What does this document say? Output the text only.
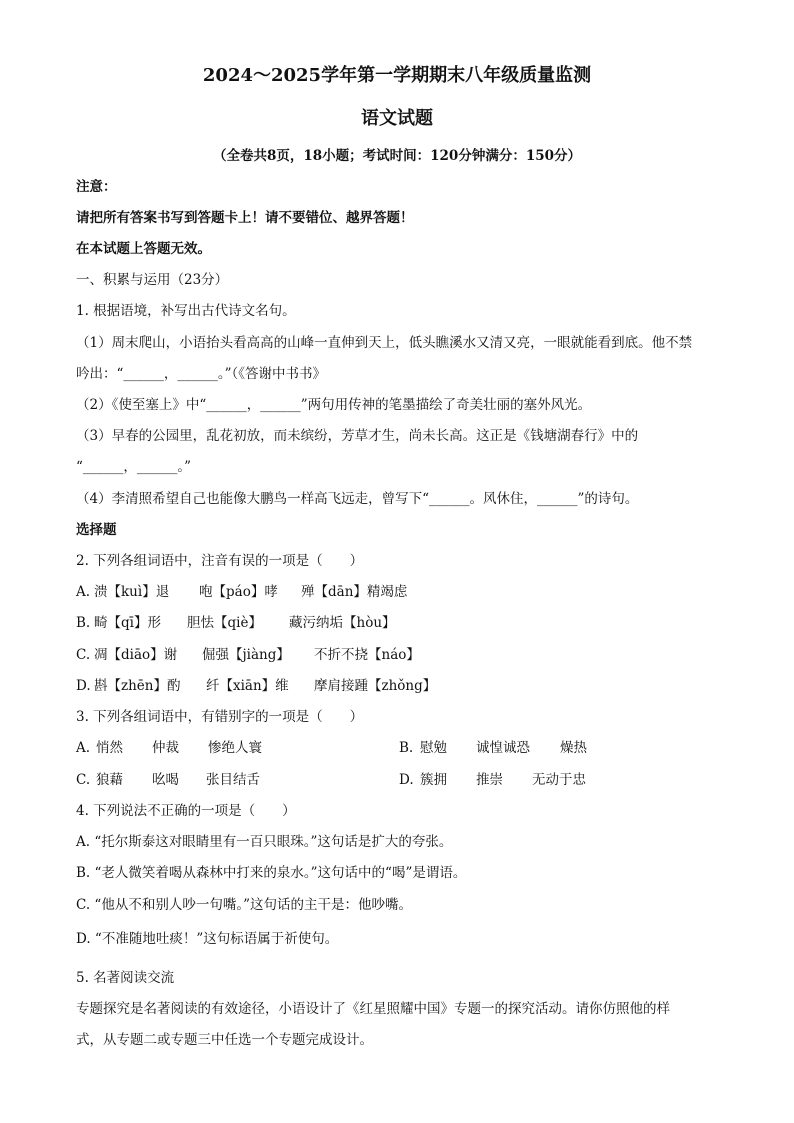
2024～2025学年第一学期期末八年级质量监测
语文试题
（全卷共8页，18小题；考试时间：120分钟满分：150分）
注意：
请把所有答案书写到答题卡上！请不要错位、越界答题！
在本试题上答题无效。
一、积累与运用（23分）
1. 根据语境，补写出古代诗文名句。
（1）周末爬山，小语抬头看高高的山峰一直伸到天上，低头瞧溪水又清又亮，一眼就能看到底。他不禁
吟出：“______，______。”（《答谢中书书》
（2）《使至塞上》中“______，______”两句用传神的笔墨描绘了奇美壮丽的塞外风光。
（3）早春的公园里，乱花初放，而未缤纷，芳草才生，尚未长高。这正是《钱塘湖春行》中的
“______，______。”
（4）李清照希望自己也能像大鹏鸟一样高飞远走，曾写下“______。风休住，______”的诗句。
选择题
2. 下列各组词语中，注音有误的一项是（　　）
A. 溃【kuì】退 咆【páo】哮 殚【dān】精竭虑
B. 畸【qī】形 胆怯【qiè】 藏污纳垢【hòu】
C. 凋【diāo】谢 倔强【jiàng】 不折不挠【náo】
D. 斟【zhēn】酌 纤【xiān】维 摩肩接踵【zhǒng】
3. 下列各组词语中，有错别字的一项是（　　）
A. 悄然 仲裁 惨绝人寰	B. 慰勉 诚惶诚恐 燥热
C. 狼藉 吆喝 张目结舌	D. 簇拥 推崇 无动于忠
4. 下列说法不正确的一项是（　　）
A. “托尔斯泰这对眼睛里有一百只眼珠。”这句话是扩大的夸张。
B. “老人微笑着喝从森林中打来的泉水。”这句话中的“喝”是谓语。
C. “他从不和别人吵一句嘴。”这句话的主干是：他吵嘴。
D. “不准随地吐痰！”这句标语属于祈使句。
5. 名著阅读交流
专题探究是名著阅读的有效途径，小语设计了《红星照耀中国》专题一的探究活动。请你仿照他的样
式，从专题二或专题三中任选一个专题完成设计。
